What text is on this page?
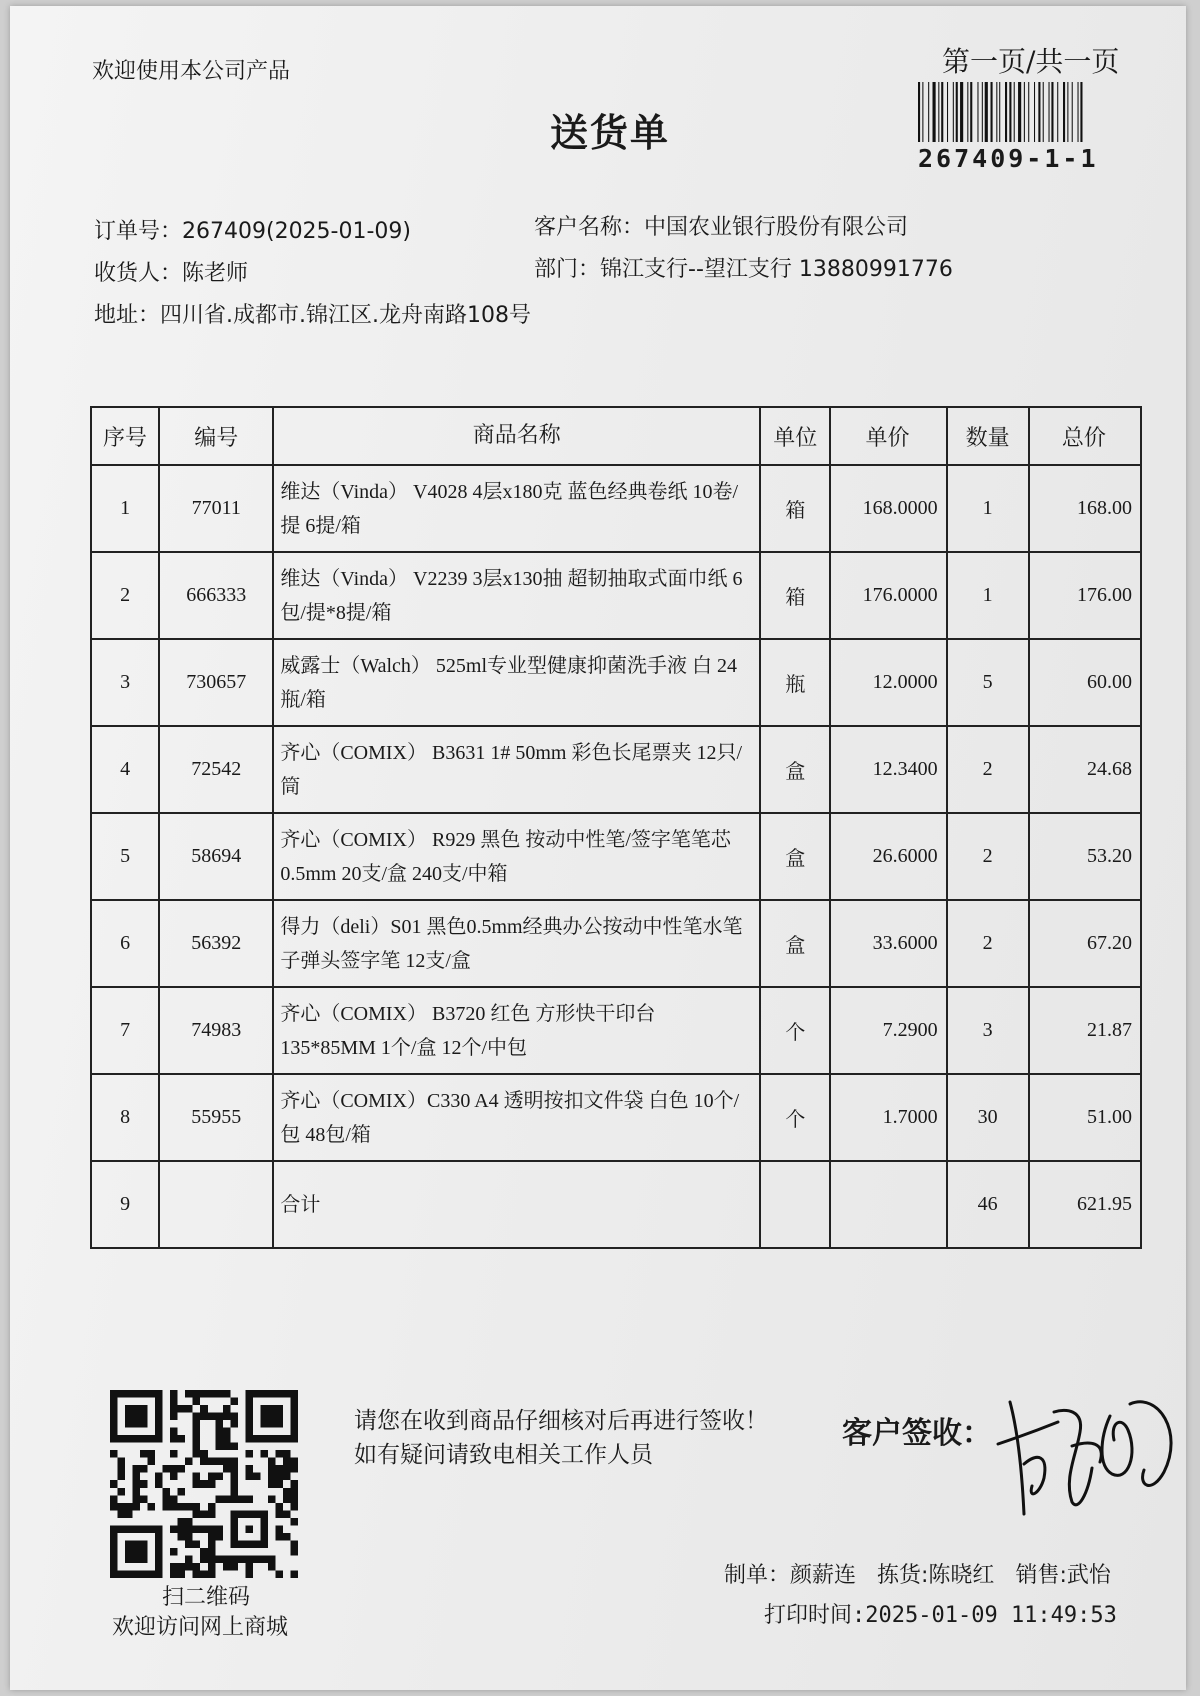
欢迎使用本公司产品
送货单
第一页/共一页
267409-1-1
订单号：267409(2025-01-09)
收货人：陈老师
地址：四川省.成都市.锦江区.龙舟南路108号
客户名称：中国农业银行股份有限公司
部门：锦江支行--望江支行 13880991776
序号	编号	商品名称	单位	单价	数量	总价
1	77011	维达（Vinda） V4028 4层x180克 蓝色经典卷纸 10卷/提 6提/箱	箱	168.0000	1	168.00
2	666333	维达（Vinda） V2239 3层x130抽 超韧抽取式面巾纸 6包/提*8提/箱	箱	176.0000	1	176.00
3	730657	威露士（Walch） 525ml专业型健康抑菌洗手液 白 24瓶/箱	瓶	12.0000	5	60.00
4	72542	齐心（COMIX） B3631 1# 50mm 彩色长尾票夹 12只/筒	盒	12.3400	2	24.68
5	58694	齐心（COMIX） R929 黑色 按动中性笔/签字笔笔芯0.5mm 20支/盒 240支/中箱	盒	26.6000	2	53.20
6	56392	得力（deli）S01 黑色0.5mm经典办公按动中性笔水笔 子弹头签字笔 12支/盒	盒	33.6000	2	67.20
7	74983	齐心（COMIX） B3720 红色 方形快干印台 135*85MM 1个/盒 12个/中包	个	7.2900	3	21.87
8	55955	齐心（COMIX）C330 A4 透明按扣文件袋 白色 10个/包 48包/箱	个	1.7000	30	51.00
9		合计			46	621.95
扫二维码
欢迎访问网上商城
请您在收到商品仔细核对后再进行签收！如有疑问请致电相关工作人员
客户签收：
制单：颜薪连 拣货:陈晓红 销售:武怡
打印时间:2025-01-09 11:49:53
